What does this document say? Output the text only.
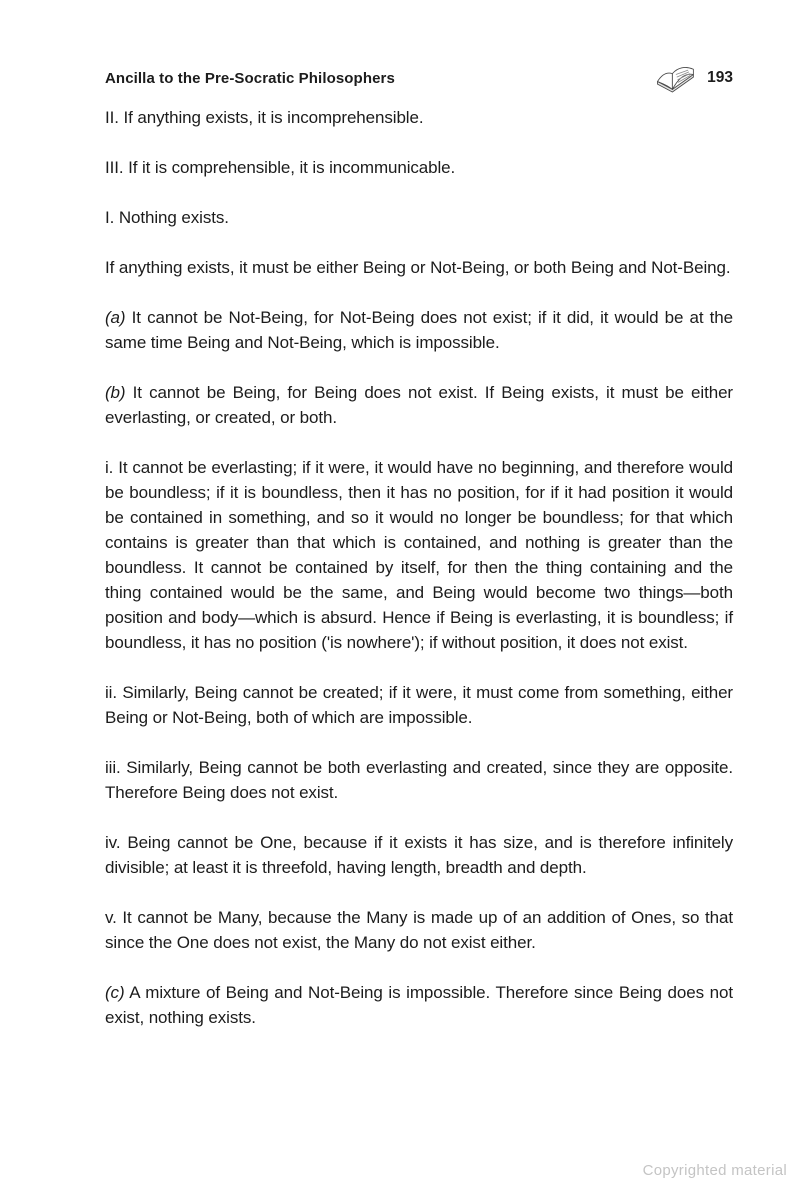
Ancilla to the Pre-Socratic Philosophers	193

II. If anything exists, it is incomprehensible.

III. If it is comprehensible, it is incommunicable.

I. Nothing exists.

If anything exists, it must be either Being or Not-Being, or both Being and Not-Being.

(a) It cannot be Not-Being, for Not-Being does not exist; if it did, it would be at the same time Being and Not-Being, which is impossible.

(b) It cannot be Being, for Being does not exist. If Being exists, it must be either everlasting, or created, or both.

i. It cannot be everlasting; if it were, it would have no beginning, and therefore would be boundless; if it is boundless, then it has no position, for if it had position it would be contained in something, and so it would no longer be boundless; for that which contains is greater than that which is contained, and nothing is greater than the boundless. It cannot be contained by itself, for then the thing containing and the thing contained would be the same, and Being would become two things—both position and body—which is absurd. Hence if Being is everlasting, it is boundless; if boundless, it has no position ('is nowhere'); if without position, it does not exist.

ii. Similarly, Being cannot be created; if it were, it must come from something, either Being or Not-Being, both of which are impossible.

iii. Similarly, Being cannot be both everlasting and created, since they are opposite. Therefore Being does not exist.

iv. Being cannot be One, because if it exists it has size, and is therefore infinitely divisible; at least it is threefold, having length, breadth and depth.

v. It cannot be Many, because the Many is made up of an addition of Ones, so that since the One does not exist, the Many do not exist either.

(c) A mixture of Being and Not-Being is impossible. Therefore since Being does not exist, nothing exists.

Copyrighted material
